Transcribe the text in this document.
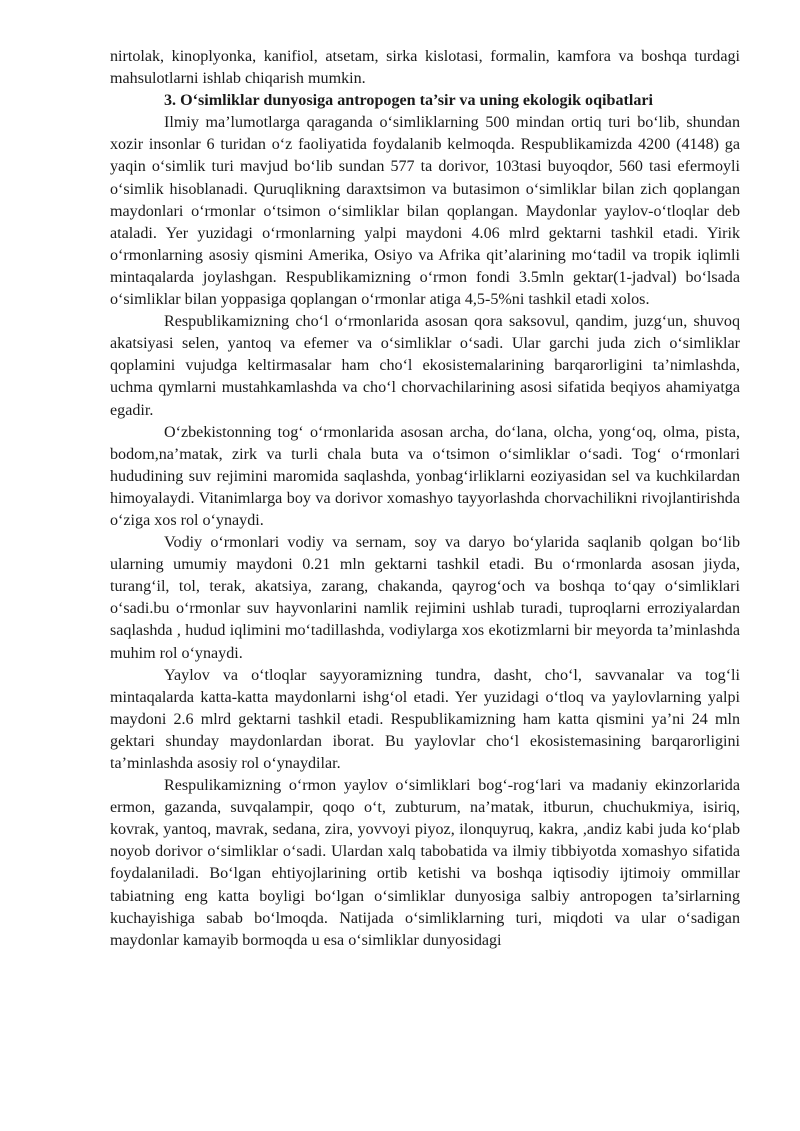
nirtolak, kinoplyonka, kanifiol, atsetam, sirka kislotasi, formalin, kamfora va boshqa turdagi mahsulotlarni ishlab chiqarish mumkin.

3. O‘simliklar dunyosiga antropogen ta’sir va uning ekologik oqibatlari

Ilmiy ma’lumotlarga qaraganda o‘simliklarning 500 mindan ortiq turi bo‘lib, shundan xozir insonlar 6 turidan o‘z faoliyatida foydalanib kelmoqda. Respublikamizda 4200 (4148) ga yaqin o‘simlik turi mavjud bo‘lib sundan 577 ta dorivor, 103tasi buyoqdor, 560 tasi efermoyli o‘simlik hisoblanadi. Quruqlikning daraxtsimon va butasimon o‘simliklar bilan zich qoplangan maydonlari o‘rmonlar o‘tsimon o‘simliklar bilan qoplangan. Maydonlar yaylov-o‘tloqlar deb ataladi. Yer yuzidagi o‘rmonlarning yalpi maydoni 4.06 mlrd gektarni tashkil etadi. Yirik o‘rmonlarning asosiy qismini Amerika, Osiyo va Afrika qit’alarining mo‘tadil va tropik iqlimli mintaqalarda joylashgan. Respublikamizning o‘rmon fondi 3.5mln gektar(1-jadval) bo‘lsada o‘simliklar bilan yoppasiga qoplangan o‘rmonlar atiga 4,5-5%ni tashkil etadi xolos.

Respublikamizning cho‘l o‘rmonlarida asosan qora saksovul, qandim, juzg‘un, shuvoq akatsiyasi selen, yantoq va efemer va o‘simliklar o‘sadi. Ular garchi juda zich o‘simliklar qoplamini vujudga keltirmasalar ham cho‘l ekosistemalarining barqarorligini ta’nimlashda, uchma qymlarni mustahkamlashda va cho‘l chorvachilarining asosi sifatida beqiyos ahamiyatga egadir.

O‘zbekistonning tog‘ o‘rmonlarida asosan archa, do‘lana, olcha, yong‘oq, olma, pista, bodom,na’matak, zirk va turli chala buta va o‘tsimon o‘simliklar o‘sadi. Tog‘ o‘rmonlari hududining suv rejimini maromida saqlashda, yonbag‘irliklarni eoziyasidan sel va kuchkilardan himoyalaydi. Vitanimlarga boy va dorivor xomashyo tayyorlashda chorvachilikni rivojlantirishda o‘ziga xos rol o‘ynaydi.

Vodiy o‘rmonlari vodiy va sernam, soy va daryo bo‘ylarida saqlanib qolgan bo‘lib ularning umumiy maydoni 0.21 mln gektarni tashkil etadi. Bu o‘rmonlarda asosan jiyda, turang‘il, tol, terak, akatsiya, zarang, chakanda, qayrog‘och va boshqa to‘qay o‘simliklari o‘sadi.bu o‘rmonlar suv hayvonlarini namlik rejimini ushlab turadi, tuproqlarni erroziyalardan saqlashda , hudud iqlimini mo‘tadillashda, vodiylarga xos ekotizmlarni bir meyorda ta’minlashda muhim rol o‘ynaydi.

Yaylov va o‘tloqlar sayyoramizning tundra, dasht, cho‘l, savvanalar va tog‘li mintaqalarda katta-katta maydonlarni ishg‘ol etadi. Yer yuzidagi o‘tloq va yaylovlarning yalpi maydoni 2.6 mlrd gektarni tashkil etadi. Respublikamizning ham katta qismini ya’ni 24 mln gektari shunday maydonlardan iborat. Bu yaylovlar cho‘l ekosistemasining barqarorligini ta’minlashda asosiy rol o‘ynaydilar.

Respulikamizning o‘rmon yaylov o‘simliklari bog‘-rog‘lari va madaniy ekinzorlarida ermon, gazanda, suvqalampir, qoqo o‘t, zubturum, na’matak, itburun, chuchukmiya, isiriq, kovrak, yantoq, mavrak, sedana, zira, yovvoyi piyoz, ilonquyruq, kakra, ,andiz kabi juda ko‘plab noyob dorivor o‘simliklar o‘sadi. Ulardan xalq tabobatida va ilmiy tibbiyotda xomashyo sifatida foydalaniladi. Bo‘lgan ehtiyojlarining ortib ketishi va boshqa iqtisodiy ijtimoiy ommillar tabiatning eng katta boyligi bo‘lgan o‘simliklar dunyosiga salbiy antropogen ta’sirlarning kuchayishiga sabab bo‘lmoqda. Natijada o‘simliklarning turi, miqdoti va ular o‘sadigan maydonlar kamayib bormoqda u esa o‘simliklar dunyosidagi
